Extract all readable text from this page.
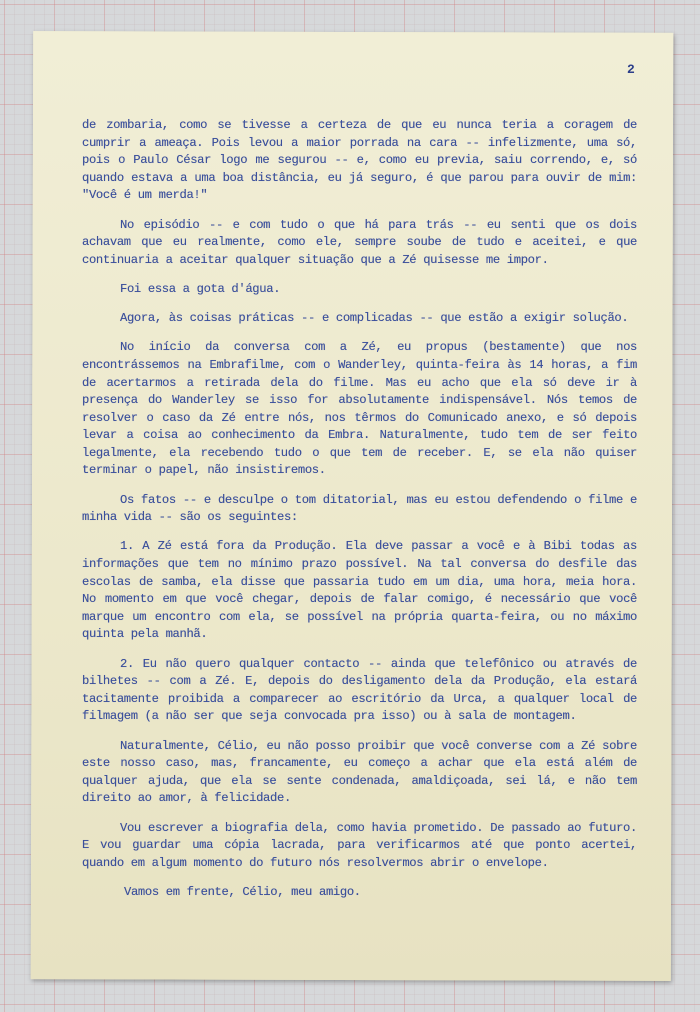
2

de zombaria, como se tivesse a certeza de que eu nunca teria a coragem de cumprir a ameaça. Pois levou a maior porrada na cara -- infelizmente, uma só, pois o Paulo César logo me segurou -- e, como eu previa, saiu correndo, e, só quando estava a uma boa distância, eu já seguro, é que parou para ouvir de mim: "Você é um merda!"

No episódio -- e com tudo o que há para trás -- eu senti que os dois achavam que eu realmente, como ele, sempre soube de tudo e aceitei, e que continuaria a aceitar qualquer situação que a Zé quisesse me impor.

Foi essa a gota d'água.

Agora, às coisas práticas -- e complicadas -- que estão a exigir solução.

No início da conversa com a Zé, eu propus (bestamente) que nos encontrássemos na Embrafilme, com o Wanderley, quinta-feira às 14 horas, a fim de acertarmos a retirada dela do filme. Mas eu acho que ela só deve ir à presença do Wanderley se isso for absolutamente indispensável. Nós temos de resolver o caso da Zé entre nós, nos têrmos do Comunicado anexo, e só depois levar a coisa ao conhecimento da Embra. Naturalmente, tudo tem de ser feito legalmente, ela recebendo tudo o que tem de receber. E, se ela não quiser terminar o papel, não insistiremos.

Os fatos -- e desculpe o tom ditatorial, mas eu estou defendendo o filme e minha vida -- são os seguintes:

1. A Zé está fora da Produção. Ela deve passar a você e à Bibi todas as informações que tem no mínimo prazo possível. Na tal conversa do desfile das escolas de samba, ela disse que passaria tudo em um dia, uma hora, meia hora. No momento em que você chegar, depois de falar comigo, é necessário que você marque um encontro com ela, se possível na própria quarta-feira, ou no máximo quinta pela manhã.

2. Eu não quero qualquer contacto -- ainda que telefônico ou através de bilhetes -- com a Zé. E, depois do desligamento dela da Produção, ela estará tacitamente proibida a comparecer ao escritório da Urca, a qualquer local de filmagem (a não ser que seja convocada pra isso) ou à sala de montagem.

Naturalmente, Célio, eu não posso proibir que você converse com a Zé sobre este nosso caso, mas, francamente, eu começo a achar que ela está além de qualquer ajuda, que ela se sente condenada, amaldiçoada, sei lá, e não tem direito ao amor, à felicidade.

Vou escrever a biografia dela, como havia prometido. De passado ao futuro. E vou guardar uma cópia lacrada, para verificarmos até que ponto acertei, quando em algum momento do futuro nós resolvermos abrir o envelope.

Vamos em frente, Célio, meu amigo.
